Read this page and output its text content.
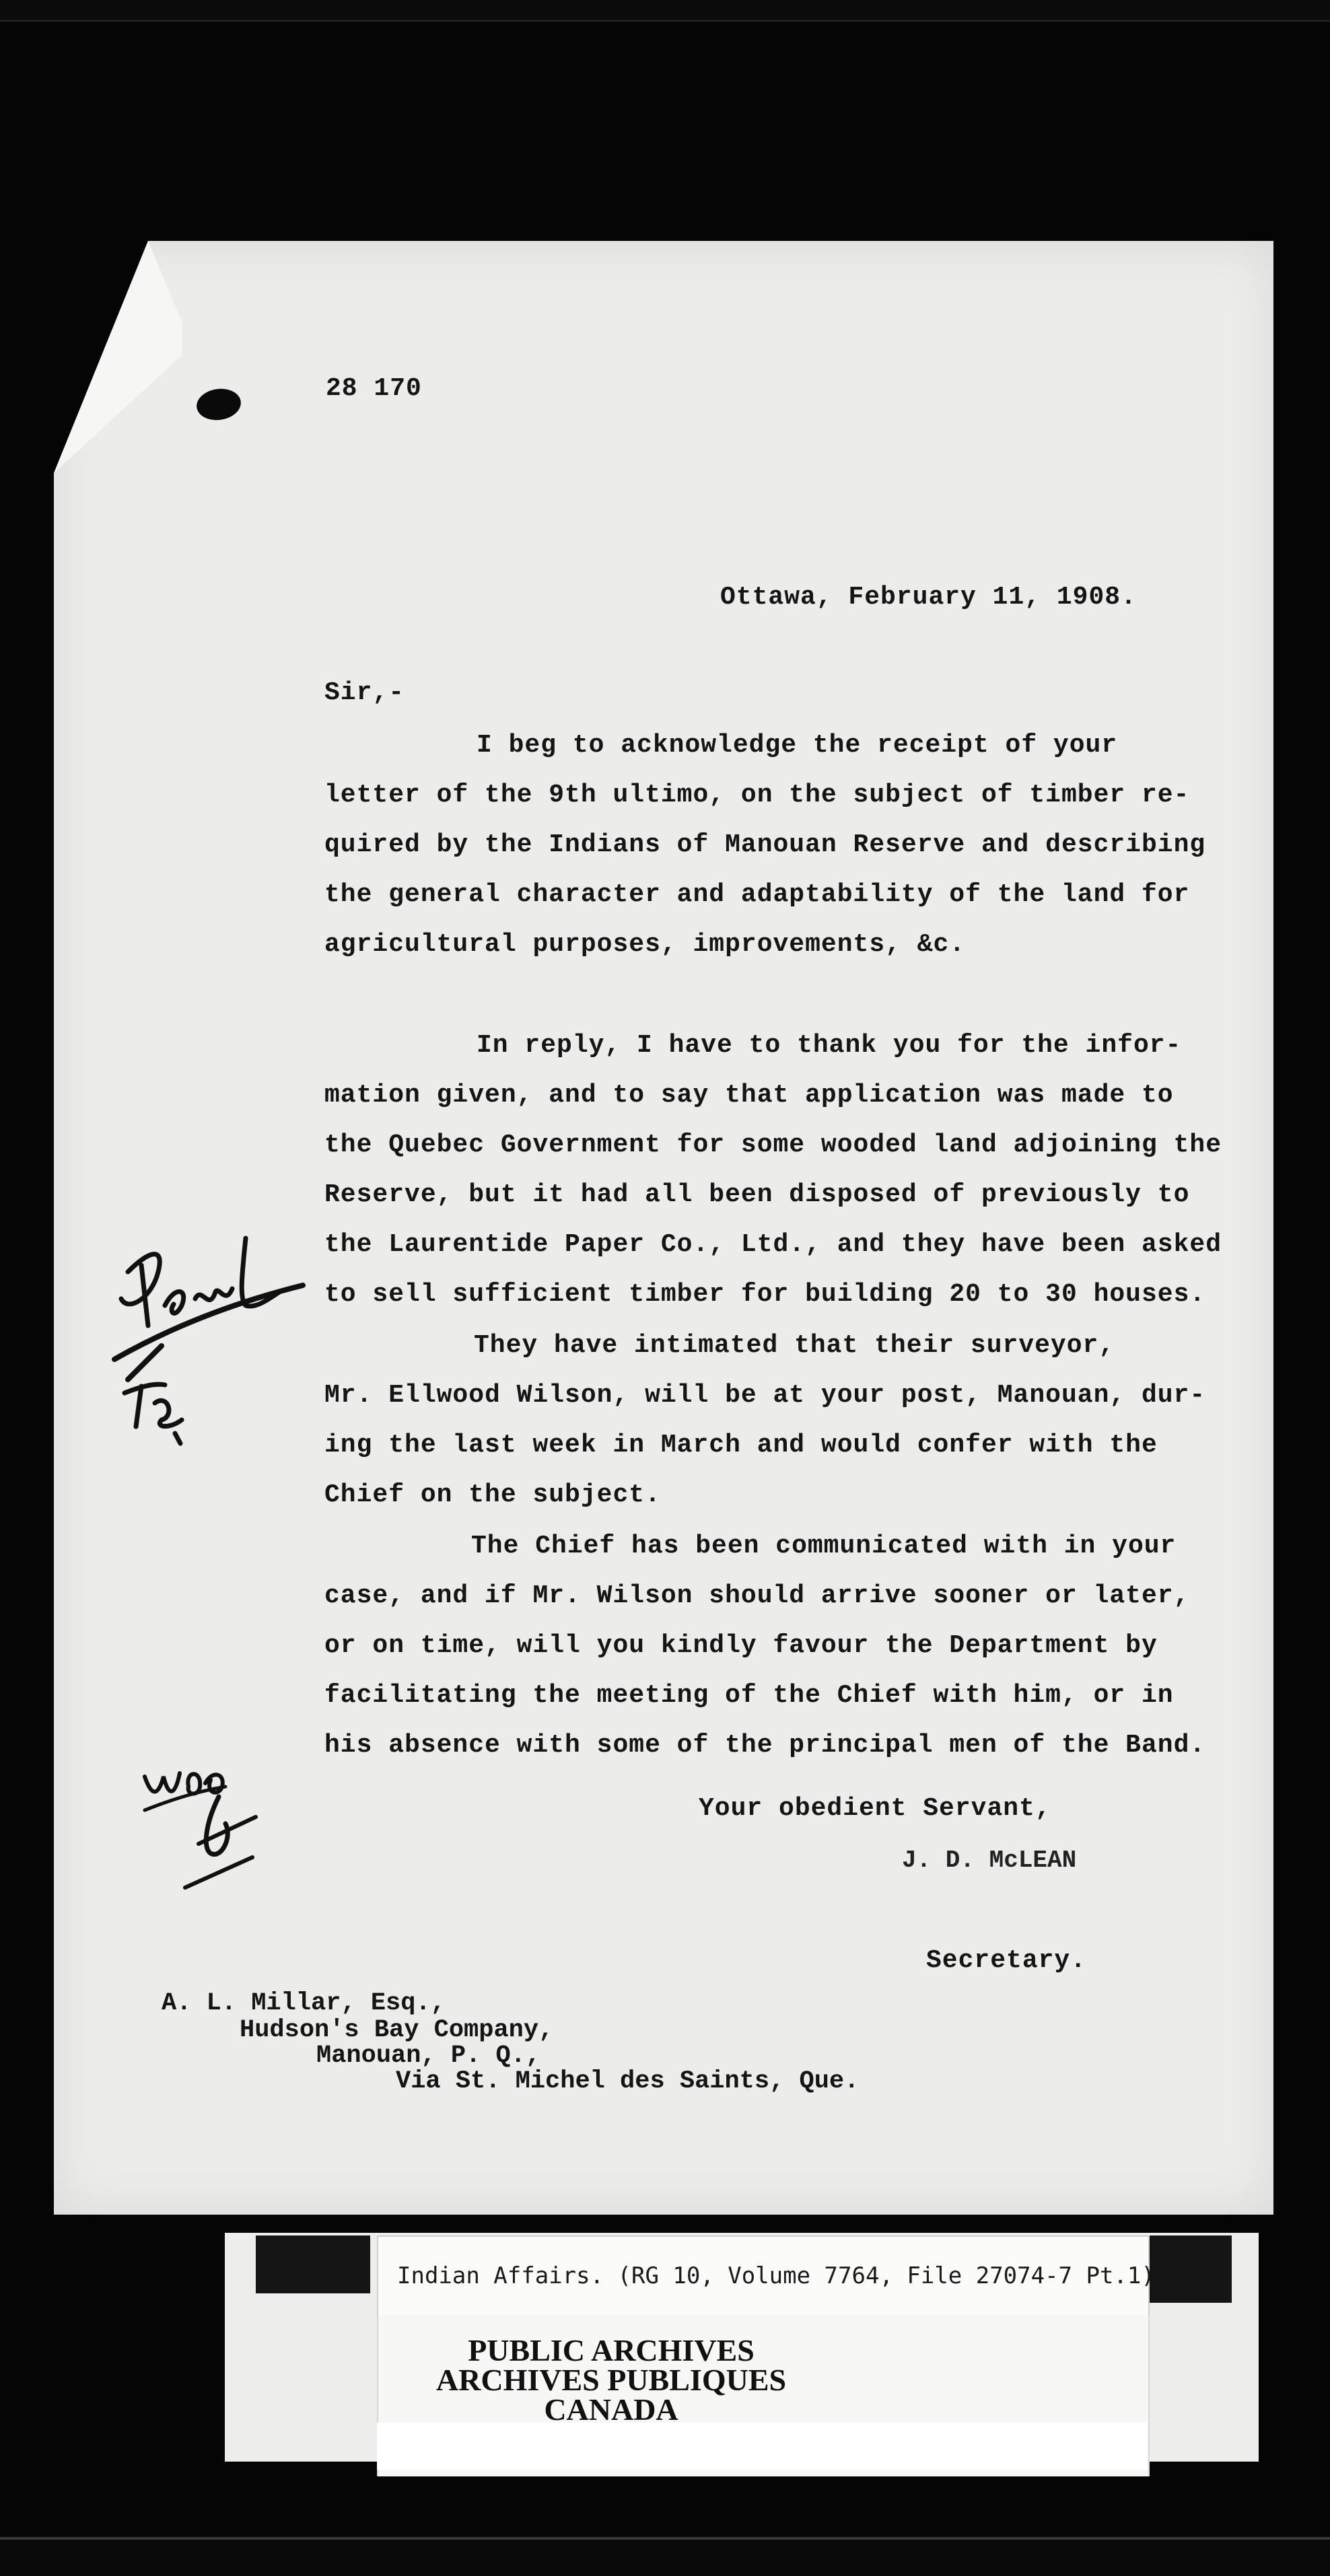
28 170
Ottawa, February 11, 1908.
Sir,-
I beg to acknowledge the receipt of your
letter of the 9th ultimo, on the subject of timber re-
quired by the Indians of Manouan Reserve and describing
the general character and adaptability of the land for
agricultural purposes, improvements, &c.
In reply, I have to thank you for the infor-
mation given, and to say that application was made to
the Quebec Government for some wooded land adjoining the
Reserve, but it had all been disposed of previously to
the Laurentide Paper Co., Ltd., and they have been asked
to sell sufficient timber for building 20 to 30 houses.
They have intimated that their surveyor,
Mr. Ellwood Wilson, will be at your post, Manouan, dur-
ing the last week in March and would confer with the
Chief on the subject.
The Chief has been communicated with in your
case, and if Mr. Wilson should arrive sooner or later,
or on time, will you kindly favour the Department by
facilitating the meeting of the Chief with him, or in
his absence with some of the principal men of the Band.
Your obedient Servant,
J. D. McLEAN
Secretary.
A. L. Millar, Esq.,
Hudson's Bay Company,
Manouan, P. Q.,
Via St. Michel des Saints, Que.
Indian Affairs. (RG 10, Volume 7764, File 27074-7 Pt.1)
PUBLIC ARCHIVES
ARCHIVES PUBLIQUES
CANADA
